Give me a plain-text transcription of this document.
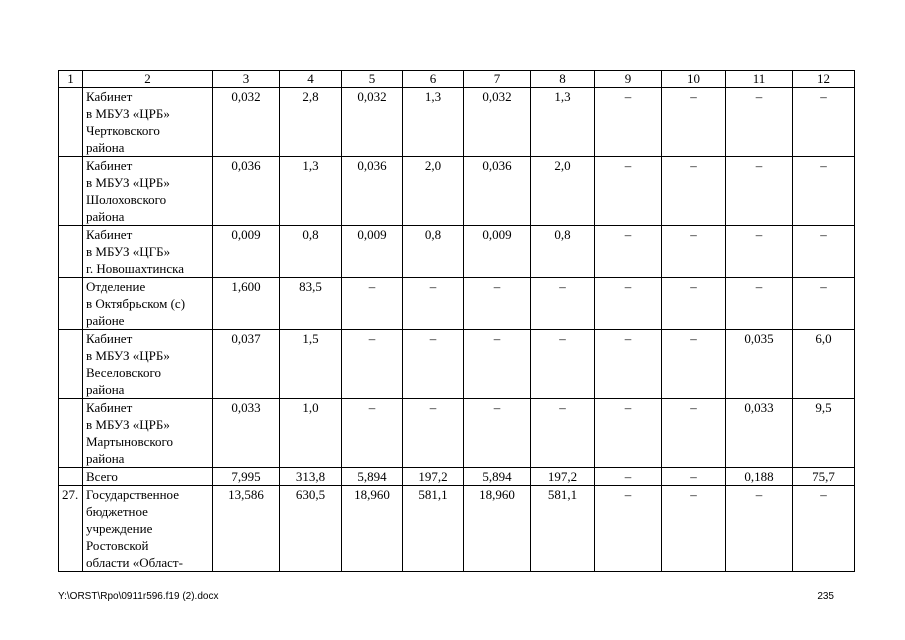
1	2	3	4	5	6	7	8	9	10	11	12

	Кабинет
в МБУЗ «ЦРБ»
Чертковского
района	0,032	2,8	0,032	1,3	0,032	1,3	–	–	–	–

	Кабинет
в МБУЗ «ЦРБ»
Шолоховского
района	0,036	1,3	0,036	2,0	0,036	2,0	–	–	–	–

	Кабинет
в МБУЗ «ЦГБ»
г. Новошахтинска	0,009	0,8	0,009	0,8	0,009	0,8	–	–	–	–

	Отделение
в Октябрьском (с)
районе	1,600	83,5	–	–	–	–	–	–	–	–

	Кабинет
в МБУЗ «ЦРБ»
Веселовского
района	0,037	1,5	–	–	–	–	–	–	0,035	6,0

	Кабинет
в МБУЗ «ЦРБ»
Мартыновского
района	0,033	1,0	–	–	–	–	–	–	0,033	9,5

	Всего	7,995	313,8	5,894	197,2	5,894	197,2	–	–	0,188	75,7
27.	Государственное
бюджетное
учреждение
Ростовской
области «Област-	13,586	630,5	18,960	581,1	18,960	581,1	–	–	–	–
Y:\ORST\Rpo\0911r596.f19 (2).docx	235
